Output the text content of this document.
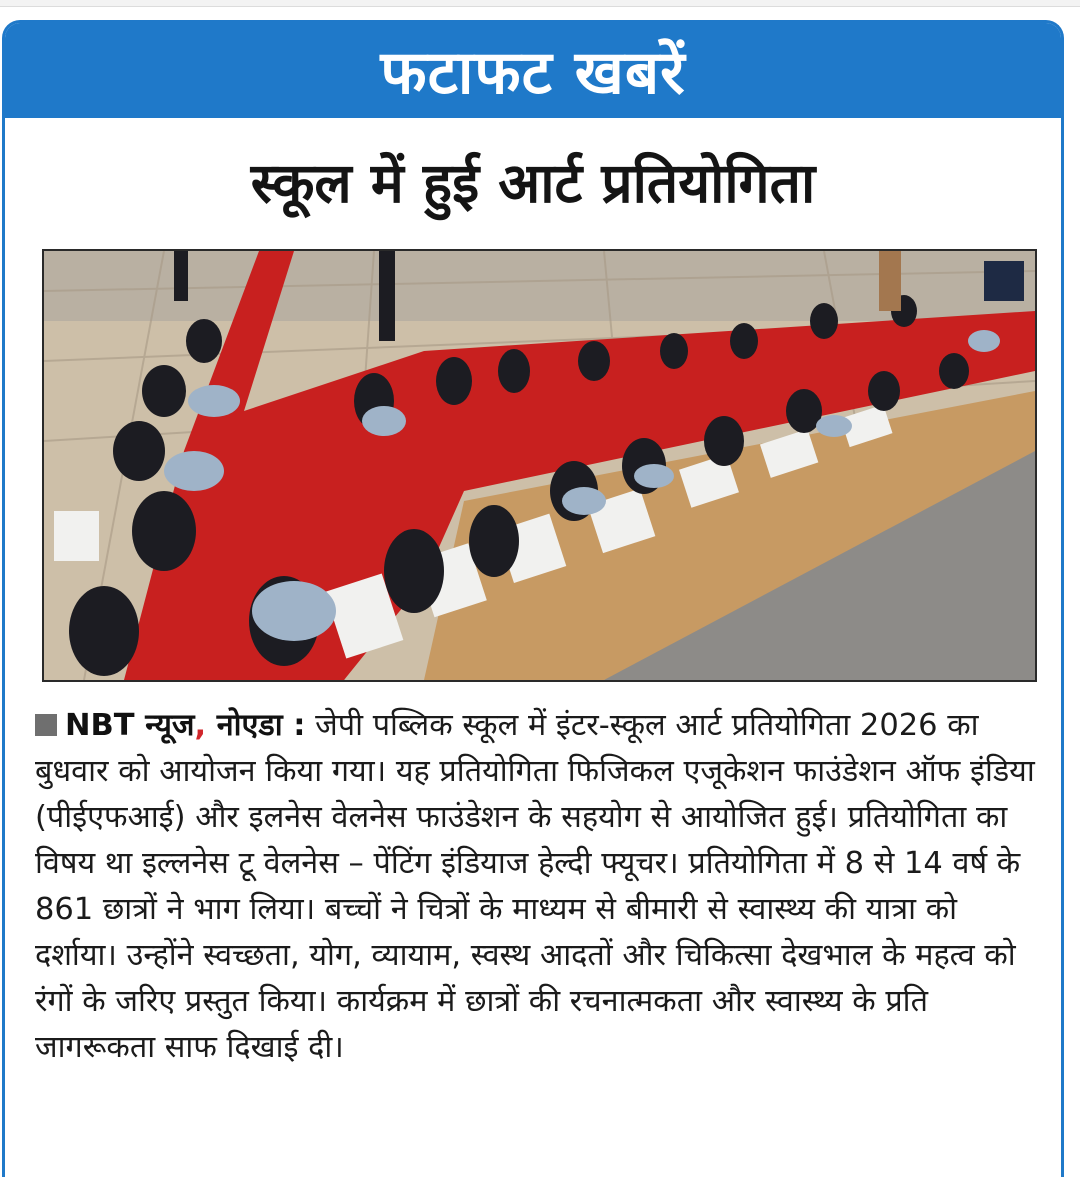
फटाफट खबरें
स्कूल में हुई आर्ट प्रतियोगिता

NBT न्यूज, नोएडा : जेपी पब्लिक स्कूल में इंटर-स्कूल आर्ट प्रतियोगिता 2026 का बुधवार को आयोजन किया गया। यह प्रतियोगिता फिजिकल एजूकेशन फाउंडेशन ऑफ इंडिया (पीईएफआई) और इलनेस वेलनेस फाउंडेशन के सहयोग से आयोजित हुई। प्रतियोगिता का विषय था इल्लनेस टू वेलनेस – पेंटिंग इंडियाज हेल्दी फ्यूचर। प्रतियोगिता में 8 से 14 वर्ष के 861 छात्रों ने भाग लिया। बच्चों ने चित्रों के माध्यम से बीमारी से स्वास्थ्य की यात्रा को दर्शाया। उन्होंने स्वच्छता, योग, व्यायाम, स्वस्थ आदतों और चिकित्सा देखभाल के महत्व को रंगों के जरिए प्रस्तुत किया। कार्यक्रम में छात्रों की रचनात्मकता और स्वास्थ्य के प्रति जागरूकता साफ दिखाई दी।
